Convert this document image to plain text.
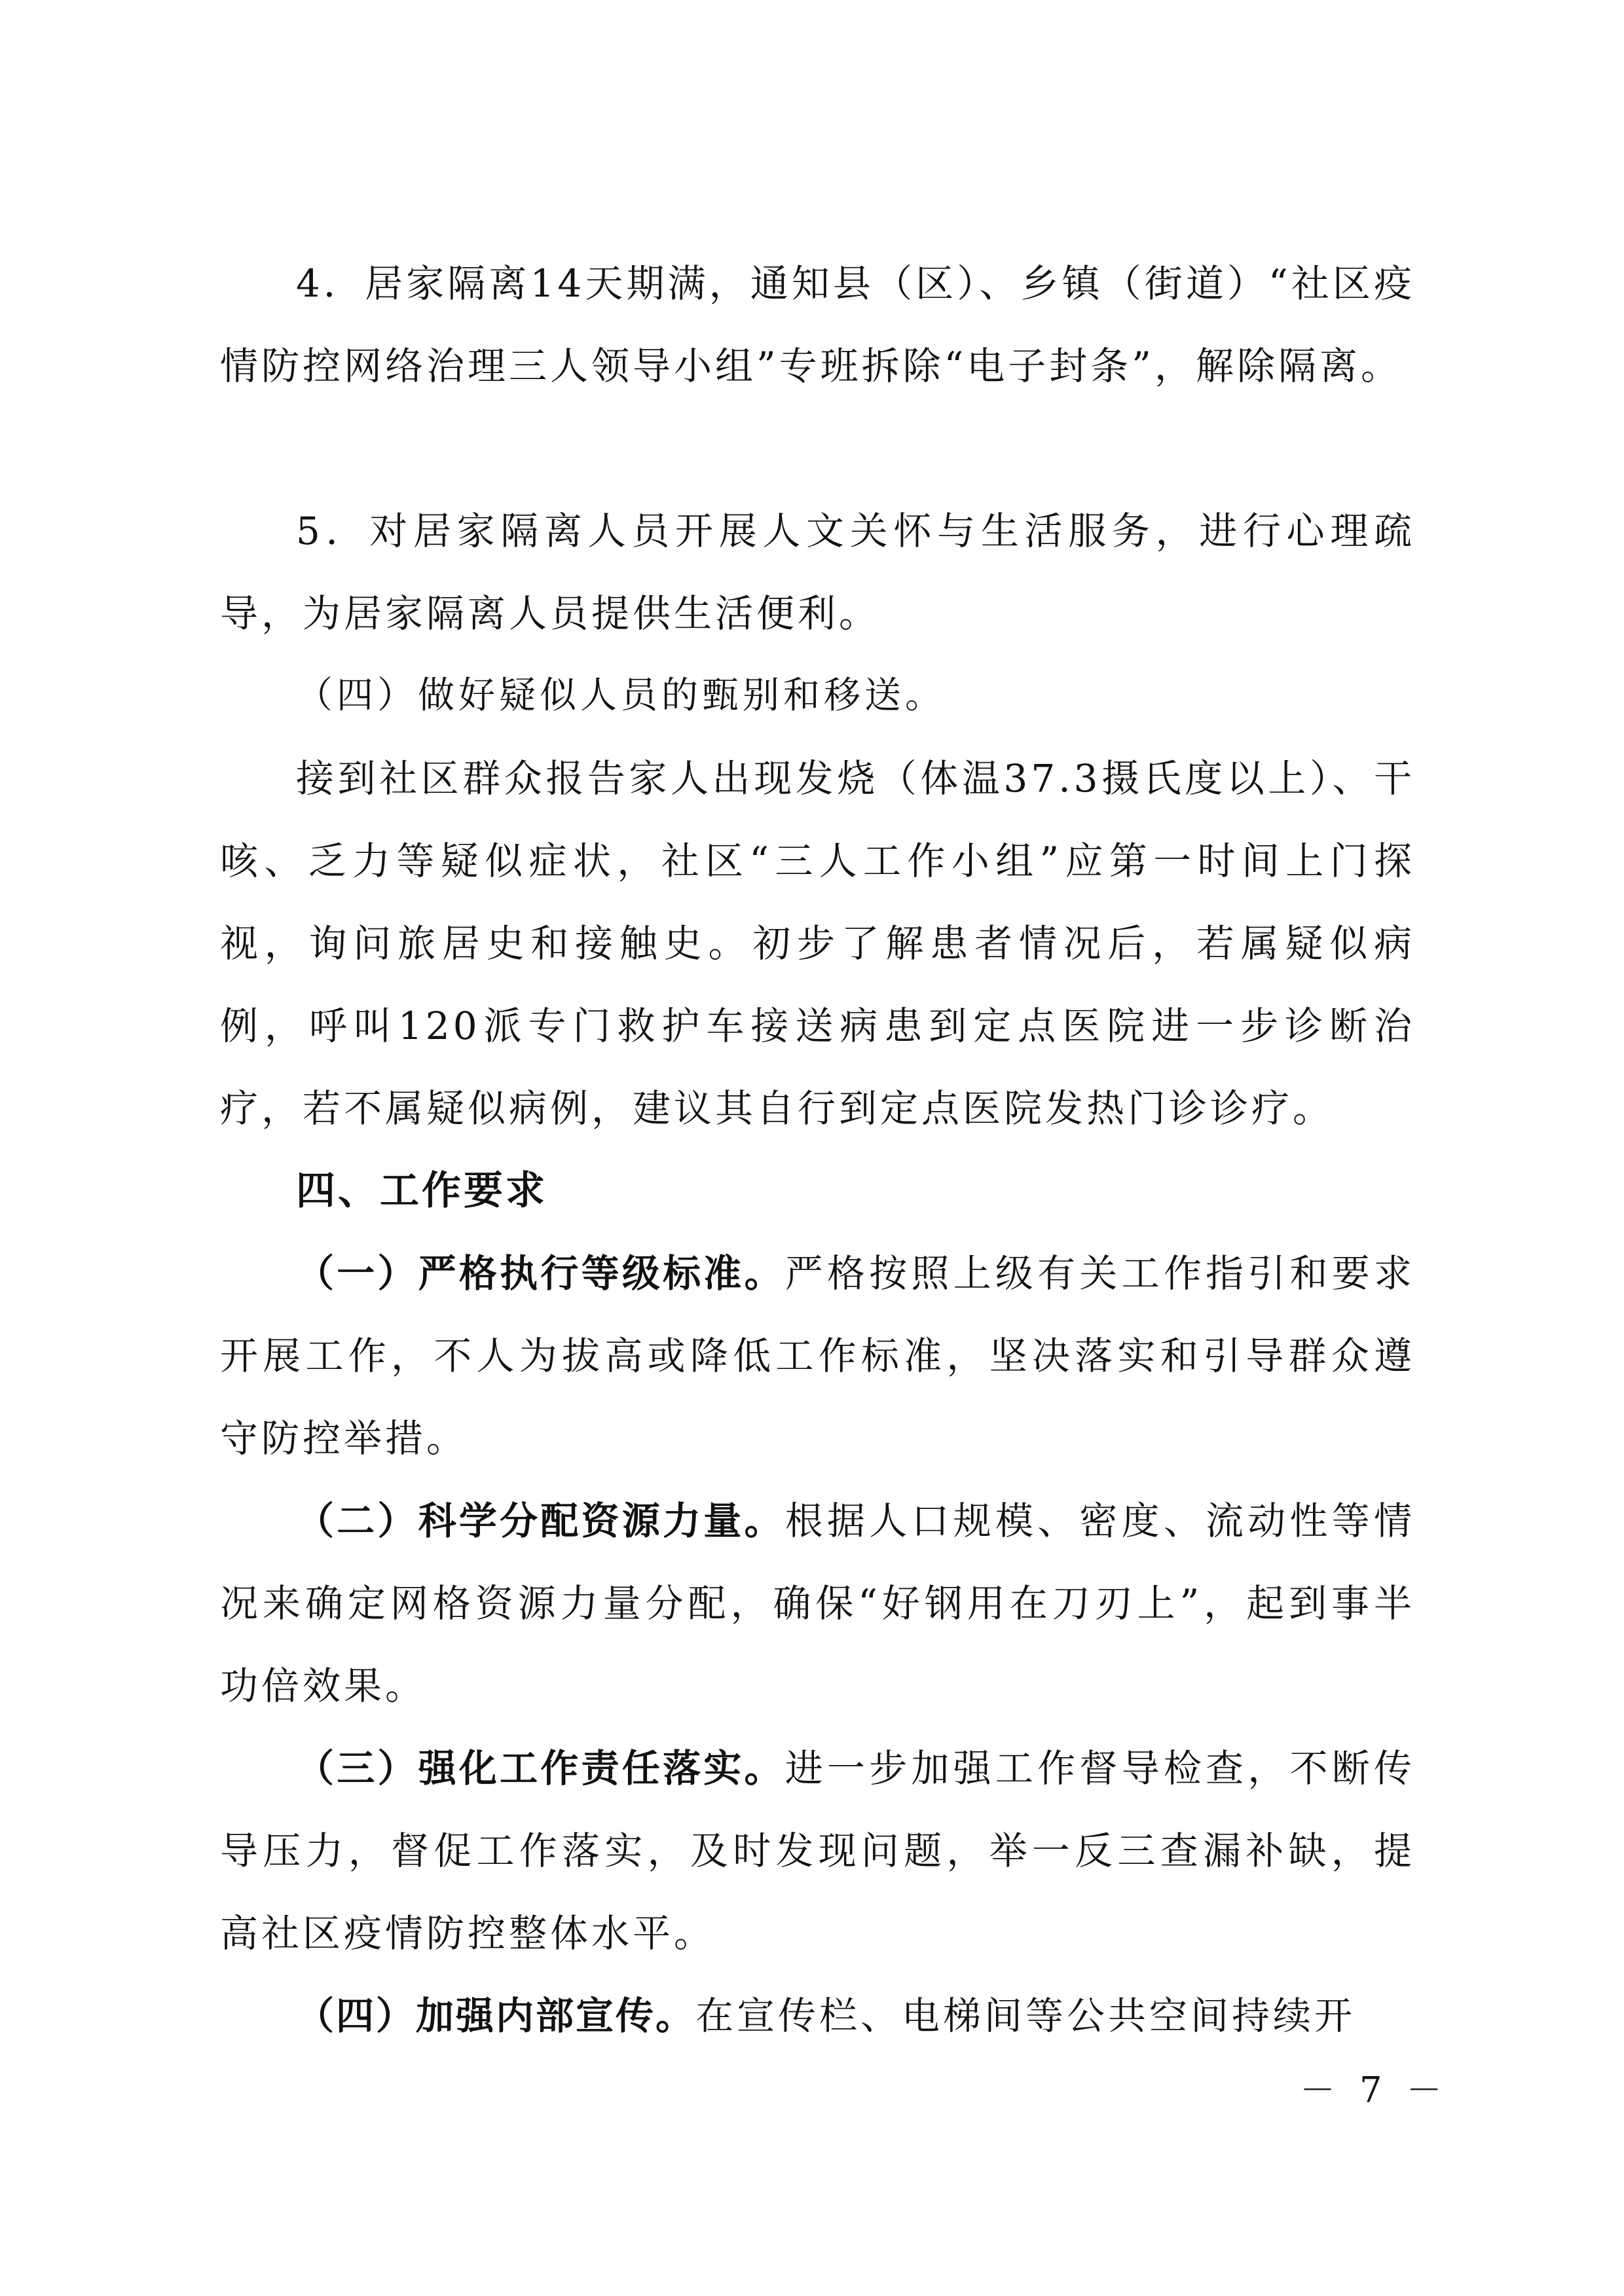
4．居家隔离14天期满，通知县（区）、乡镇（街道）“社区疫情防控网络治理三人领导小组”专班拆除“电子封条”，解除隔离。

5．对居家隔离人员开展人文关怀与生活服务，进行心理疏导，为居家隔离人员提供生活便利。

（四）做好疑似人员的甄别和移送。

接到社区群众报告家人出现发烧（体温37.3摄氏度以上）、干咳、乏力等疑似症状，社区“三人工作小组”应第一时间上门探视，询问旅居史和接触史。初步了解患者情况后，若属疑似病例，呼叫120派专门救护车接送病患到定点医院进一步诊断治疗，若不属疑似病例，建议其自行到定点医院发热门诊诊疗。

四、工作要求

（一）严格执行等级标准。严格按照上级有关工作指引和要求开展工作，不人为拔高或降低工作标准，坚决落实和引导群众遵守防控举措。

（二）科学分配资源力量。根据人口规模、密度、流动性等情况来确定网格资源力量分配，确保“好钢用在刀刃上”，起到事半功倍效果。

（三）强化工作责任落实。进一步加强工作督导检查，不断传导压力，督促工作落实，及时发现问题，举一反三查漏补缺，提高社区疫情防控整体水平。

（四）加强内部宣传。在宣传栏、电梯间等公共空间持续开

－ 7 －
